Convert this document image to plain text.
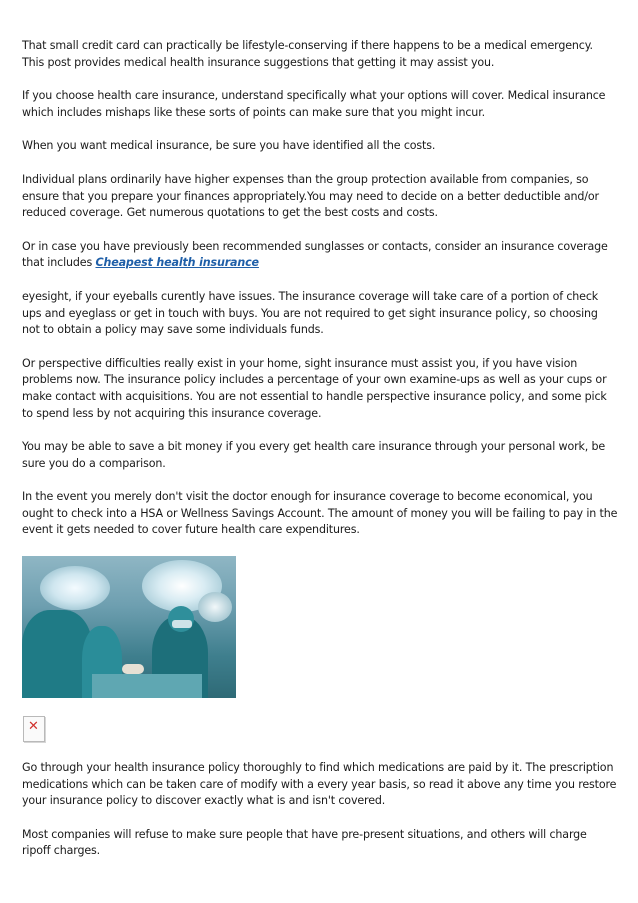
That small credit card can practically be lifestyle-conserving if there happens to be a medical emergency. This post provides medical health insurance suggestions that getting it may assist you.

If you choose health care insurance, understand specifically what your options will cover. Medical insurance which includes mishaps like these sorts of points can make sure that you might incur.

When you want medical insurance, be sure you have identified all the costs.

Individual plans ordinarily have higher expenses than the group protection available from companies, so ensure that you prepare your finances appropriately.You may need to decide on a better deductible and/or reduced coverage. Get numerous quotations to get the best costs and costs.

Or in case you have previously been recommended sunglasses or contacts, consider an insurance coverage that includes Cheapest health insurance

eyesight, if your eyeballs curently have issues. The insurance coverage will take care of a portion of check ups and eyeglass or get in touch with buys. You are not required to get sight insurance policy, so choosing not to obtain a policy may save some individuals funds.

Or perspective difficulties really exist in your home, sight insurance must assist you, if you have vision problems now. The insurance policy includes a percentage of your own examine-ups as well as your cups or make contact with acquisitions. You are not essential to handle perspective insurance policy, and some pick to spend less by not acquiring this insurance coverage.

You may be able to save a bit money if you every get health care insurance through your personal work, be sure you do a comparison.

In the event you merely don't visit the doctor enough for insurance coverage to become economical, you ought to check into a HSA or Wellness Savings Account. The amount of money you will be failing to pay in the event it gets needed to cover future health care expenditures.

✕

Go through your health insurance policy thoroughly to find which medications are paid by it. The prescription medications which can be taken care of modify with a every year basis, so read it above any time you restore your insurance policy to discover exactly what is and isn't covered.

Most companies will refuse to make sure people that have pre-present situations, and others will charge ripoff charges.
